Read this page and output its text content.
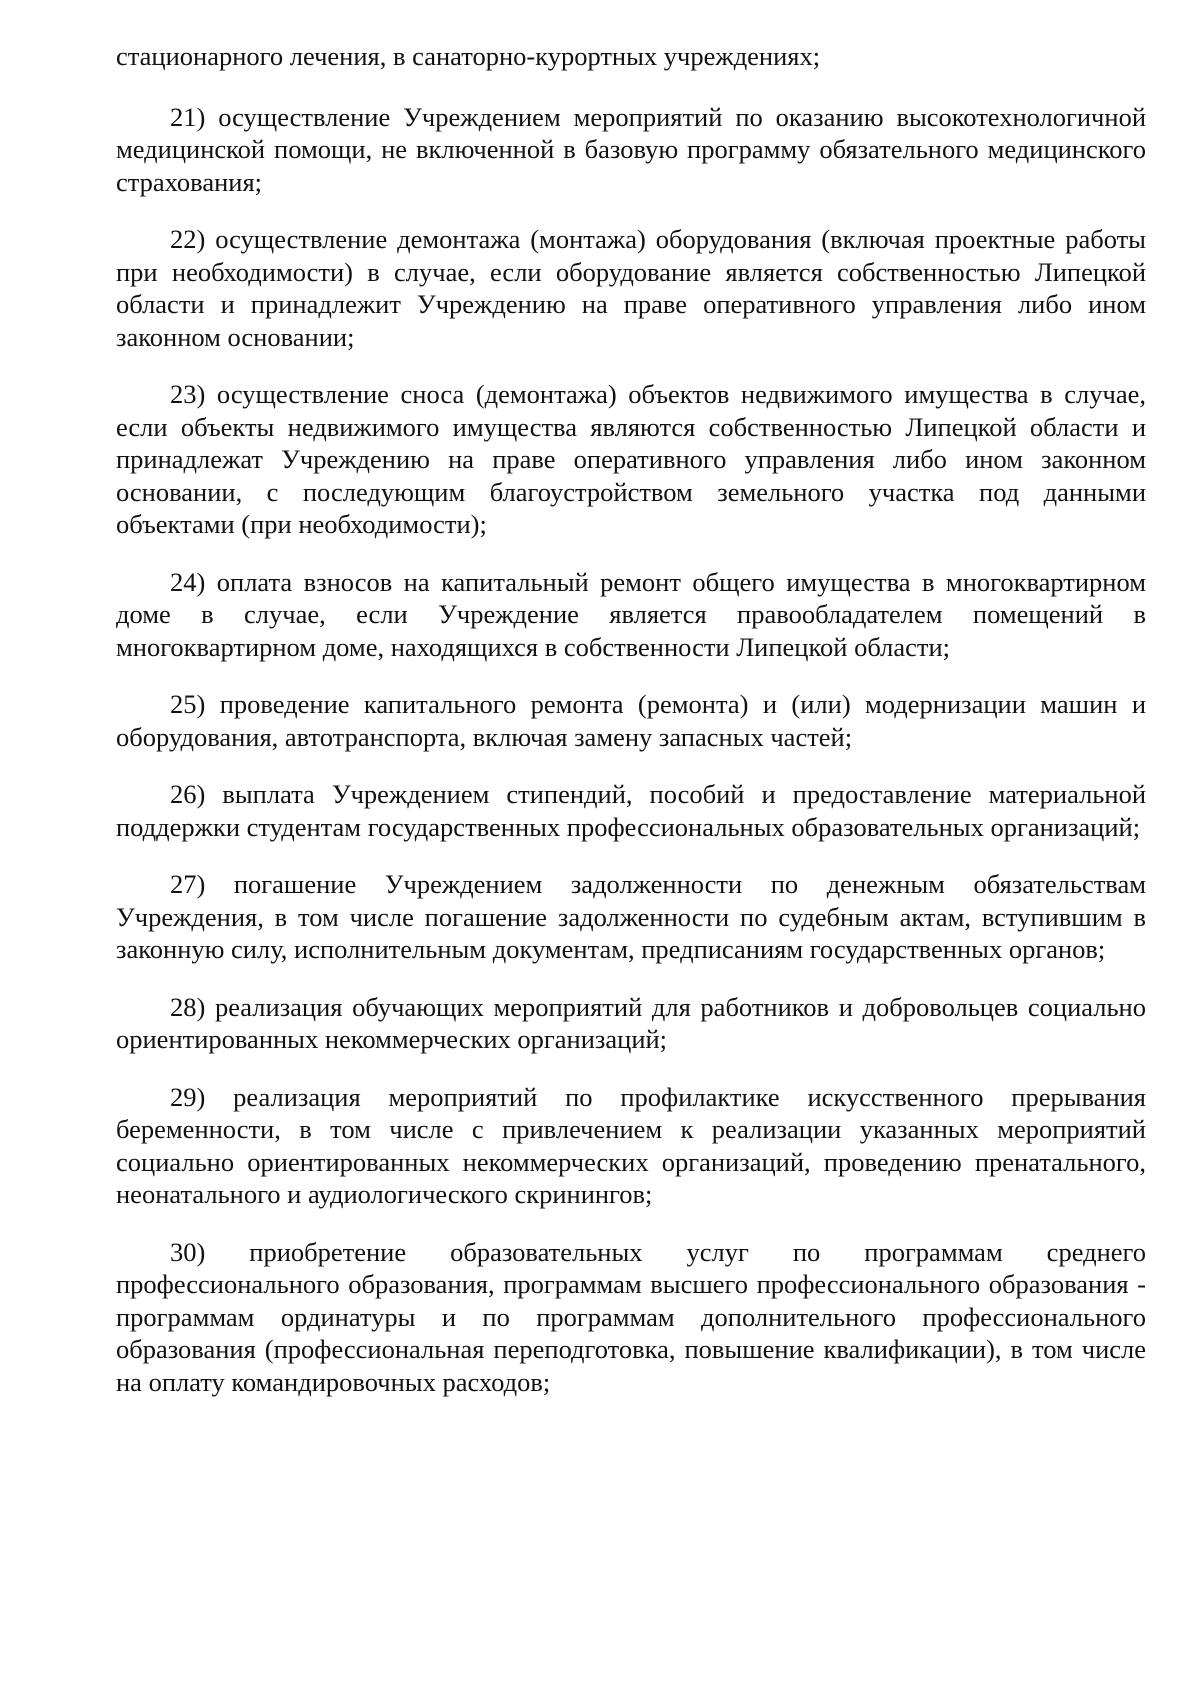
стационарного лечения, в санаторно-курортных учреждениях;

21) осуществление Учреждением мероприятий по оказанию высокотехнологичной медицинской помощи, не включенной в базовую программу обязательного медицинского страхования;

22) осуществление демонтажа (монтажа) оборудования (включая проектные работы при необходимости) в случае, если оборудование является собственностью Липецкой области и принадлежит Учреждению на праве оперативного управления либо ином законном основании;

23) осуществление сноса (демонтажа) объектов недвижимого имущества в случае, если объекты недвижимого имущества являются собственностью Липецкой области и принадлежат Учреждению на праве оперативного управления либо ином законном основании, с последующим благоустройством земельного участка под данными объектами (при необходимости);

24) оплата взносов на капитальный ремонт общего имущества в многоквартирном доме в случае, если Учреждение является правообладателем помещений в многоквартирном доме, находящихся в собственности Липецкой области;

25) проведение капитального ремонта (ремонта) и (или) модернизации машин и оборудования, автотранспорта, включая замену запасных частей;

26) выплата Учреждением стипендий, пособий и предоставление материальной поддержки студентам государственных профессиональных образовательных организаций;

27) погашение Учреждением задолженности по денежным обязательствам Учреждения, в том числе погашение задолженности по судебным актам, вступившим в законную силу, исполнительным документам, предписаниям государственных органов;

28) реализация обучающих мероприятий для работников и добровольцев социально ориентированных некоммерческих организаций;

29) реализация мероприятий по профилактике искусственного прерывания беременности, в том числе с привлечением к реализации указанных мероприятий социально ориентированных некоммерческих организаций, проведению пренатального, неонатального и аудиологического скринингов;

30) приобретение образовательных услуг по программам среднего профессионального образования, программам высшего профессионального образования - программам ординатуры и по программам дополнительного профессионального образования (профессиональная переподготовка, повышение квалификации), в том числе на оплату командировочных расходов;
